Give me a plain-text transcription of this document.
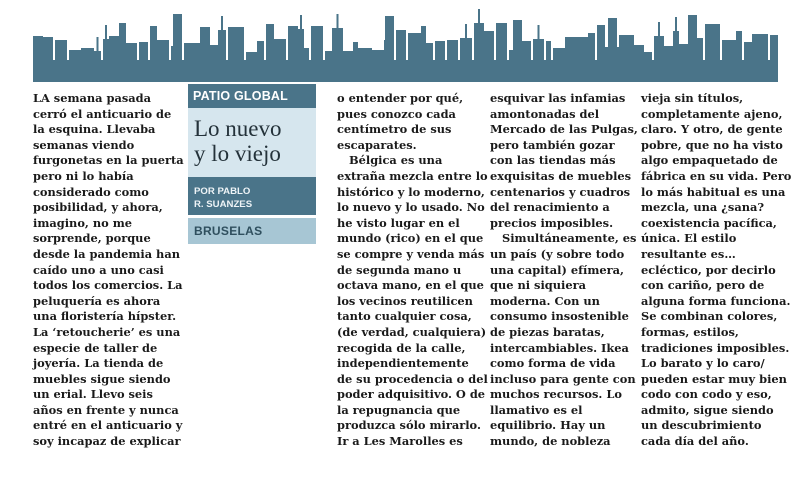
PATIO GLOBAL
Lo nuevo
y lo viejo
POR PABLO
R. SUANZES
BRUSELAS
LA semana pasada
cerró el anticuario de
la esquina. Llevaba
semanas viendo
furgonetas en la puerta
pero ni lo había
considerado como
posibilidad, y ahora,
imagino, no me
sorprende, porque
desde la pandemia han
caído uno a uno casi
todos los comercios. La
peluquería es ahora
una floristería hípster.
La ‘retoucherie’ es una
especie de taller de
joyería. La tienda de
muebles sigue siendo
un erial. Llevo seis
años en frente y nunca
entré en el anticuario y
soy incapaz de explicar
o entender por qué,
pues conozco cada
centímetro de sus
escaparates.
Bélgica es una
extraña mezcla entre lo
histórico y lo moderno,
lo nuevo y lo usado. No
he visto lugar en el
mundo (rico) en el que
se compre y venda más
de segunda mano u
octava mano, en el que
los vecinos reutilicen
tanto cualquier cosa,
(de verdad, cualquiera)
recogida de la calle,
independientemente
de su procedencia o del
poder adquisitivo. O de
la repugnancia que
produzca sólo mirarlo.
Ir a Les Marolles es
esquivar las infamias
amontonadas del
Mercado de las Pulgas,
pero también gozar
con las tiendas más
exquisitas de muebles
centenarios y cuadros
del renacimiento a
precios imposibles.
Simultáneamente, es
un país (y sobre todo
una capital) efímera,
que ni siquiera
moderna. Con un
consumo insostenible
de piezas baratas,
intercambiables. Ikea
como forma de vida
incluso para gente con
muchos recursos. Lo
llamativo es el
equilibrio. Hay un
mundo, de nobleza
vieja sin títulos,
completamente ajeno,
claro. Y otro, de gente
pobre, que no ha visto
algo empaquetado de
fábrica en su vida. Pero
lo más habitual es una
mezcla, una ¿sana?
coexistencia pacífica,
única. El estilo
resultante es…
ecléctico, por decirlo
con cariño, pero de
alguna forma funciona.
Se combinan colores,
formas, estilos,
tradiciones imposibles.
Lo barato y lo caro/
pueden estar muy bien
codo con codo y eso,
admito, sigue siendo
un descubrimiento
cada día del año.
